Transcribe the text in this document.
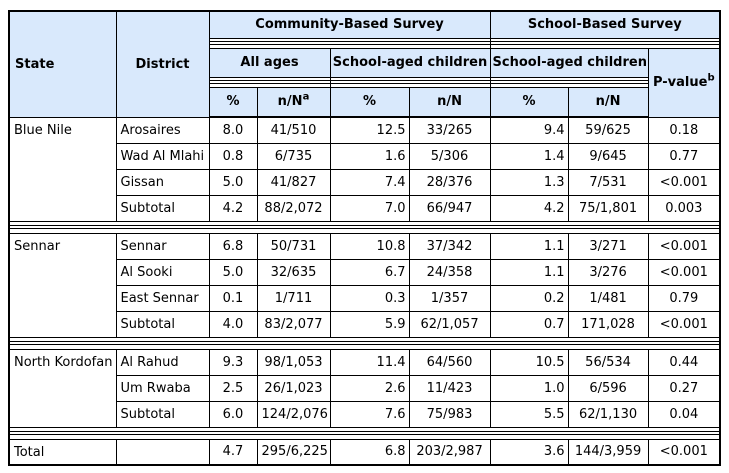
State	District	Community-Based Survey				School-Based Survey		

		All ages		School-aged children		School-aged children		P-value$^b$

		%	n/N$^a$	%	n/N	%	n/N	
Blue Nile	Arosaires	8.0	41/510	12.5	33/265	9.4	59/625	0.18
	Wad Al Mlahi	0.8	6/735	1.6	5/306	1.4	9/645	0.77
	Gissan	5.0	41/827	7.4	28/376	1.3	7/531	<0.001
	Subtotal	4.2	88/2,072	7.0	66/947	4.2	75/1,801	0.003

Sennar	Sennar	6.8	50/731	10.8	37/342	1.1	3/271	<0.001
	Al Sooki	5.0	32/635	6.7	24/358	1.1	3/276	<0.001
	East Sennar	0.1	1/711	0.3	1/357	0.2	1/481	0.79
	Subtotal	4.0	83/2,077	5.9	62/1,057	0.7	171,028	<0.001

North Kordofan	Al Rahud	9.3	98/1,053	11.4	64/560	10.5	56/534	0.44
	Um Rwaba	2.5	26/1,023	2.6	11/423	1.0	6/596	0.27
	Subtotal	6.0	124/2,076	7.6	75/983	5.5	62/1,130	0.04

Total		4.7	295/6,225	6.8	203/2,987	3.6	144/3,959	<0.001
